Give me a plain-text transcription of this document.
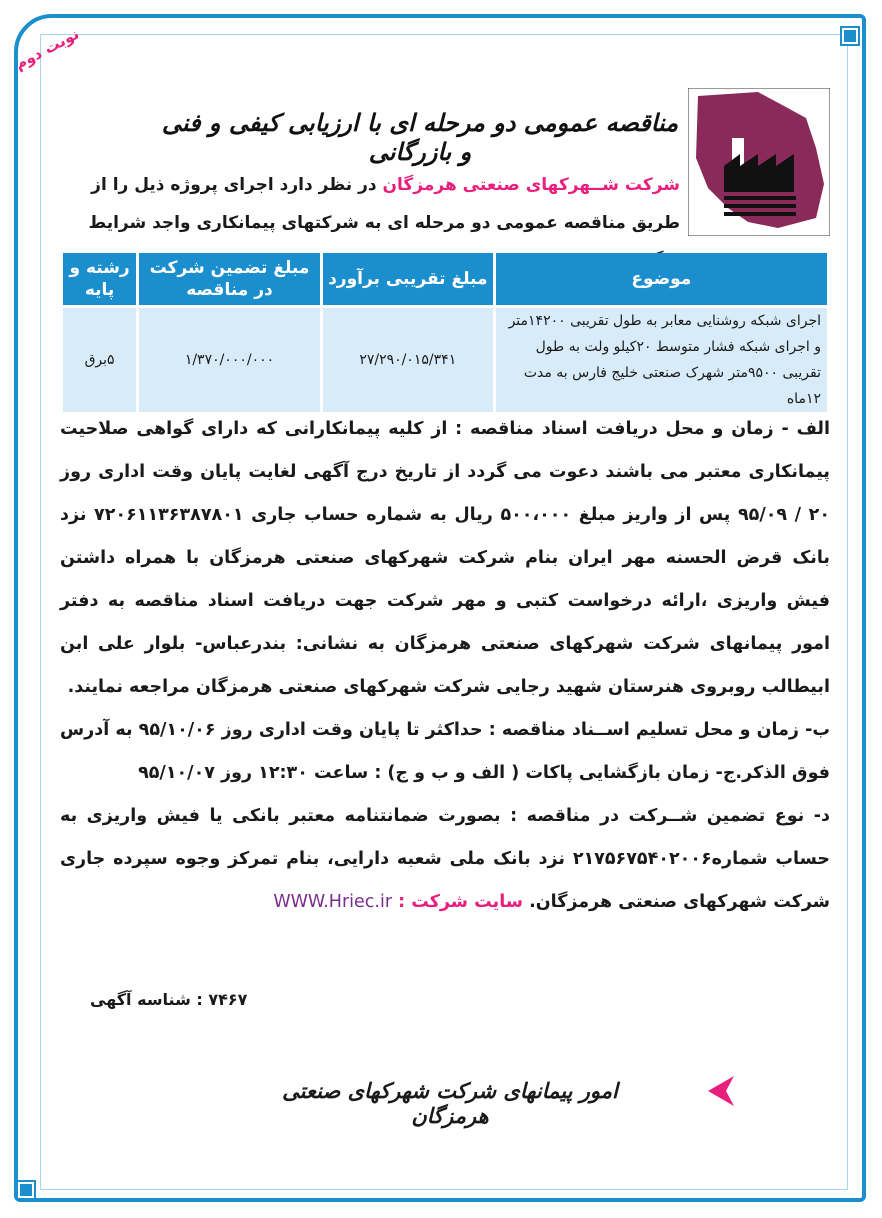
نوبت دوم
مناقصه عمومی دو مرحله ای با ارزیابی کیفی و فنی و بازرگانی
شرکت شــهرکهای صنعتی هرمزگان در نظر دارد اجرای پروژه ذیل را از طریق مناقصه عمومی دو مرحله ای به شرکتهای پیمانکاری واجد شرایط
موضوع	مبلغ تقریبی برآورد	مبلغ تضمین شرکت در مناقصه	رشته و پایه
اجرای شبکه روشنایی معابر به طول تقریبی ۱۴۲۰۰متر و اجرای شبکه فشار متوسط ۲۰کیلو ولت به طول تقریبی ۹۵۰۰متر شهرک صنعتی خلیج فارس به مدت ۱۲ماه	۲۷/۲۹۰/۰۱۵/۳۴۱	۱/۳۷۰/۰۰۰/۰۰۰	۵برق

الف - زمان و محل دریافت اسناد مناقصه : از کلیه پیمانکارانی که دارای گواهی صلاحیت پیمانکاری معتبر می باشند دعوت می گردد از تاریخ درج آگهی لغایت پایان وقت اداری روز ۲۰ / ۹۵/۰۹ پس از واریز مبلغ ۵۰۰،۰۰۰ ریال به شماره حساب جاری ۷۲۰۶۱۱۳۶۳۸۷۸۰۱ نزد بانک قرض الحسنه مهر ایران بنام شرکت شهرکهای صنعتی هرمزگان با همراه داشتن فیش واریزی ،ارائه درخواست کتبی و مهر شرکت جهت دریافت اسناد مناقصه به دفتر امور پیمانهای شرکت شهرکهای صنعتی هرمزگان به نشانی: بندرعباس- بلوار علی ابن ابیطالب روبروی هنرستان شهید رجایی شرکت شهرکهای صنعتی هرمزگان مراجعه نمایند.

ب- زمان و محل تسلیم اســناد مناقصه : حداکثر تا پایان وقت اداری روز ۹۵/۱۰/۰۶ به آدرس فوق الذکر.ج- زمان بازگشایی پاکات ( الف و ب و ج) : ساعت ۱۲:۳۰ روز ۹۵/۱۰/۰۷

د- نوع تضمین شــرکت در مناقصه : بصورت ضمانتنامه معتبر بانکی یا فیش واریزی به حساب شماره۲۱۷۵۶۷۵۴۰۲۰۰۶ نزد بانک ملی شعبه دارایی، بنام تمرکز وجوه سپرده جاری شرکت شهرکهای صنعتی هرمزگان. سایت شرکت : WWW.Hriec.ir

۷۴۶۷ : شناسه آگهی
امور پیمانهای شرکت شهرکهای صنعتی هرمزگان
